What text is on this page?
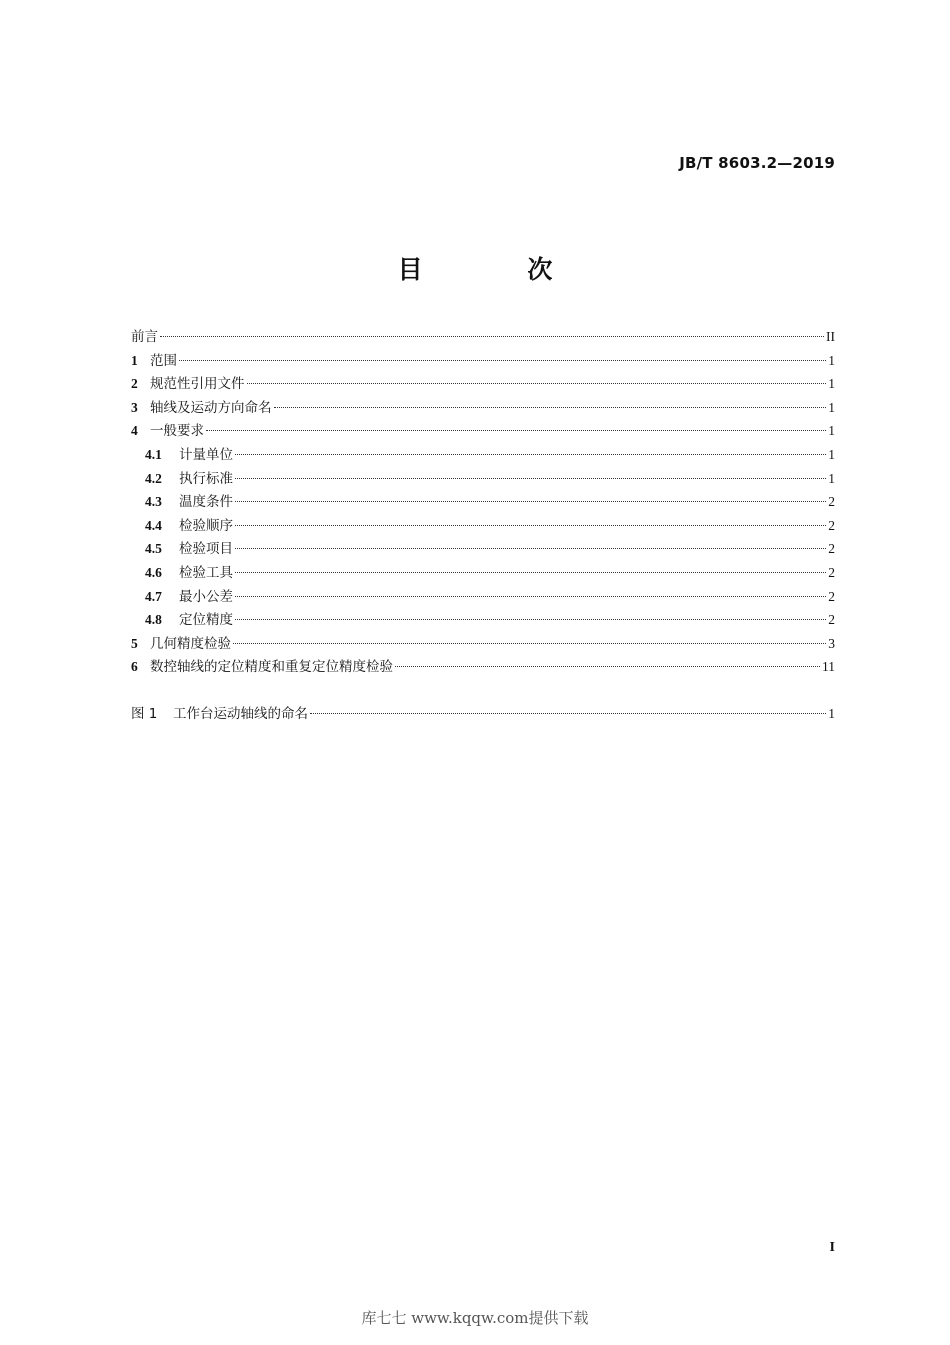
JB/T 8603.2—2019
目 次
前言	II
1 范围	1
2 规范性引用文件	1
3 轴线及运动方向命名	1
4 一般要求	1
4.1	计量单位	1
4.2	执行标准	1
4.3	温度条件	2
4.4	检验顺序	2
4.5	检验项目	2
4.6	检验工具	2
4.7	最小公差	2
4.8	定位精度	2
5 几何精度检验	3
6 数控轴线的定位精度和重复定位精度检验	11
图 1	工作台运动轴线的命名	1
I
库七七 www.kqqw.com提供下载
